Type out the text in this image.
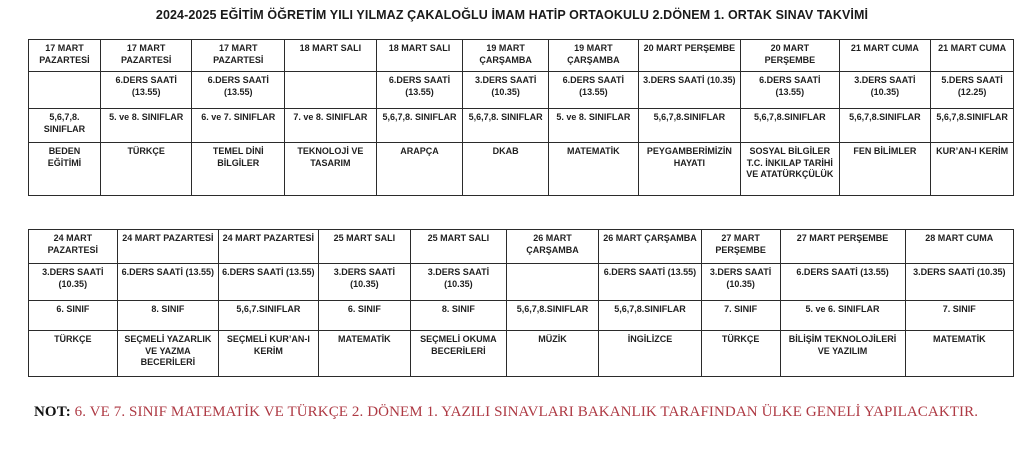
2024-2025 EĞİTİM ÖĞRETİM YILI YILMAZ ÇAKALOĞLU İMAM HATİP ORTAOKULU 2.DÖNEM 1. ORTAK SINAV TAKVİMİ
17 MART PAZARTESİ	17 MART PAZARTESİ	17 MART PAZARTESİ	18 MART SALI	18 MART SALI	19 MART ÇARŞAMBA	19 MART ÇARŞAMBA	20 MART PERŞEMBE	20 MART PERŞEMBE	21 MART CUMA	21 MART CUMA
	6.DERS SAATİ (13.55)	6.DERS SAATİ (13.55)		6.DERS SAATİ (13.55)	3.DERS SAATİ (10.35)	6.DERS SAATİ (13.55)	3.DERS SAATİ (10.35)	6.DERS SAATİ (13.55)	3.DERS SAATİ (10.35)	5.DERS SAATİ (12.25)
5,6,7,8. SINIFLAR	5. ve 8. SINIFLAR	6. ve 7. SINIFLAR	7. ve 8. SINIFLAR	5,6,7,8. SINIFLAR	5,6,7,8. SINIFLAR	5. ve 8. SINIFLAR	5,6,7,8.SINIFLAR	5,6,7,8.SINIFLAR	5,6,7,8.SINIFLAR	5,6,7,8.SINIFLAR
BEDEN EĞİTİMİ	TÜRKÇE	TEMEL DİNİ BİLGİLER	TEKNOLOJİ VE TASARIM	ARAPÇA	DKAB	MATEMATİK	PEYGAMBERİMİZİN HAYATI	SOSYAL BİLGİLER T.C. İNKILAP TARİHİ VE ATATÜRKÇÜLÜK	FEN BİLİMLER	KUR’AN-I KERİM
24 MART PAZARTESİ	24 MART PAZARTESİ	24 MART PAZARTESİ	25 MART SALI	25 MART SALI	26 MART ÇARŞAMBA	26 MART ÇARŞAMBA	27 MART PERŞEMBE	27 MART PERŞEMBE	28 MART CUMA
3.DERS SAATİ (10.35)	6.DERS SAATİ (13.55)	6.DERS SAATİ (13.55)	3.DERS SAATİ (10.35)	3.DERS SAATİ (10.35)		6.DERS SAATİ (13.55)	3.DERS SAATİ (10.35)	6.DERS SAATİ (13.55)	3.DERS SAATİ (10.35)
6. SINIF	8. SINIF	5,6,7.SINIFLAR	6. SINIF	8. SINIF	5,6,7,8.SINIFLAR	5,6,7,8.SINIFLAR	7. SINIF	5. ve 6. SINIFLAR	7. SINIF
TÜRKÇE	SEÇMELİ YAZARLIK VE YAZMA BECERİLERİ	SEÇMELİ KUR’AN-I KERİM	MATEMATİK	SEÇMELİ OKUMA BECERİLERİ	MÜZİK	İNGİLİZCE	TÜRKÇE	BİLİŞİM TEKNOLOJİLERİ VE YAZILIM	MATEMATİK
NOT: 6. VE 7. SINIF MATEMATİK VE TÜRKÇE 2. DÖNEM 1. YAZILI SINAVLARI BAKANLIK TARAFINDAN ÜLKE GENELİ YAPILACAKTIR.
